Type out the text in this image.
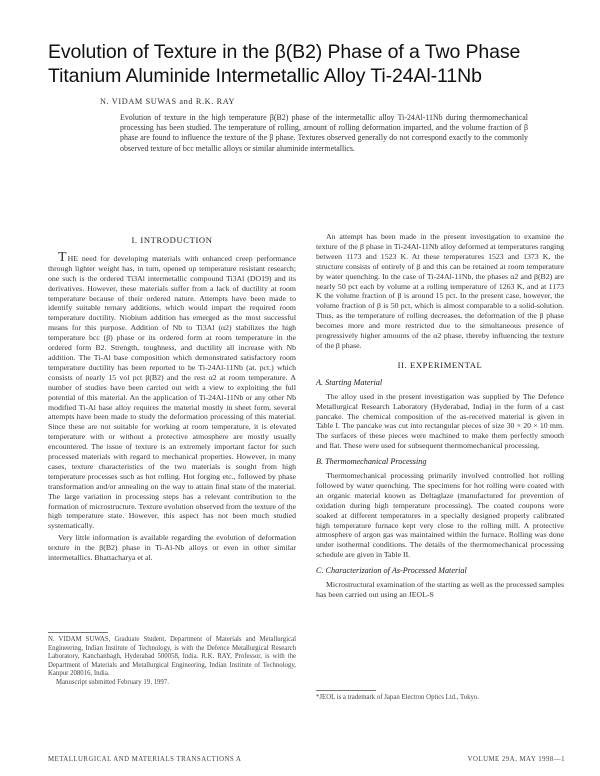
Evolution of Texture in the β(B2) Phase of a Two Phase Titanium Aluminide Intermetallic Alloy Ti-24Al-11Nb
N. VIDAM SUWAS and R.K. RAY
Evolution of texture in the high temperature β(B2) phase of the intermetallic alloy Ti-24Al-11Nb during thermomechanical processing has been studied. The temperature of rolling, amount of rolling deformation imparted, and the volume fraction of β phase are found to influence the texture of the β phase. Textures observed generally do not correspond exactly to the commonly observed texture of bcc metallic alloys or similar aluminide intermetallics.
I. INTRODUCTION

THE need for developing materials with enhanced creep performance through lighter weight has, in turn, opened up temperature resistant research; one such is the ordered Ti3Al intermetallic compound Ti3Al (DO19) and its derivatives. However, these materials suffer from a lack of ductility at room temperature because of their ordered nature. Attempts have been made to identify suitable ternary additions, which would impart the required room temperature ductility. Niobium addition has emerged as the most successful means for this purpose. Addition of Nb to Ti3Al (α2) stabilizes the high temperature bcc (β) phase or its ordered form at room temperature in the ordered form B2. Strength, toughness, and ductility all increase with Nb addition. The Ti-Al base composition which demonstrated satisfactory room temperature ductility has been reported to be Ti-24Al-11Nb (at. pct.) which consists of nearly 15 vol pct β(B2) and the rest α2 at room temperature. A number of studies have been carried out with a view to exploiting the full potential of this material. An the application of Ti-24Al-11Nb or any other Nb modified Ti-Al base alloy requires the material mostly in sheet form, several attempts have been made to study the deformation processing of this material. Since these are not suitable for working at room temperature, it is elevated temperature with or without a protective atmosphere are mostly usually encountered. The issue of texture is an extremely important factor for such processed materials with regard to mechanical properties. However, in many cases, texture characteristics of the two materials is sought from high temperature processes such as hot rolling. Hot forging etc., followed by phase transformation and/or annealing on the way to attain final state of the material. The large variation in processing steps has a relevant contribution to the formation of microstructure. Texture evolution observed from the texture of the high temperature state. However, this aspect has not been much studied systematically.

Very little information is available regarding the evolution of deformation texture in the β(B2) phase in Ti-Al-Nb alloys or even in other similar intermetallics. Bhattacharya et al.

An attempt has been made in the present investigation to examine the texture of the β phase in Ti-24Al-11Nb alloy deformed at temperatures ranging between 1173 and 1523 K. At these temperatures 1523 and 1373 K, the structure consists of entirely of β and this can be retained at room temperature by water quenching. In the case of Ti-24Al-11Nb, the phases α2 and β(B2) are nearly 50 pct each by volume at a rolling temperature of 1263 K, and at 1173 K the volume fraction of β is around 15 pct. In the present case, however, the volume fraction of β is 50 pct, which is almost comparable to a solid-solution. Thus, as the temperature of rolling decreases, the deformation of the β phase becomes more and more restricted due to the simultaneous presence of progressively higher amounts of the α2 phase, thereby influencing the texture of the β phase.

II. EXPERIMENTAL
A. Starting Material

The alloy used in the present investigation was supplied by The Defence Metallurgical Research Laboratory (Hyderabad, India) in the form of a cast pancake. The chemical composition of the as-received material is given in Table I. The pancake was cut into rectangular pieces of size 30 × 20 × 10 mm. The surfaces of these pieces were machined to make them perfectly smooth and flat. These were used for subsequent thermomechanical processing.

B. Thermomechanical Processing

Thermomechanical processing primarily involved controlled hot rolling followed by water quenching. The specimens for hot rolling were coated with an organic material known as Deltaglaze (manufactured for prevention of oxidation during high temperature processing). The coated coupons were soaked at different temperatures in a specially designed properly calibrated high temperature furnace kept very close to the rolling mill. A protective atmosphere of argon gas was maintained within the furnace. Rolling was done under isothermal conditions. The details of the thermomechanical processing schedule are given in Table II.

C. Characterization of As-Processed Material

Microstructural examination of the starting as well as the processed samples has been carried out using an JEOL-S

N. VIDAM SUWAS, Graduate Student, Department of Materials and Metallurgical Engineering, Indian Institute of Technology, is with the Defence Metallurgical Research Laboratory, Kanchanbagh, Hyderabad 500058, India. R.K. RAY, Professor, is with the Department of Materials and Metallurgical Engineering, Indian Institute of Technology, Kanpur 208016, India.
Manuscript submitted February 19, 1997.
*JEOL is a trademark of Japan Electron Optics Ltd., Tokyo.
METALLURGICAL AND MATERIALS TRANSACTIONS A	VOLUME 29A, MAY 1998—1
